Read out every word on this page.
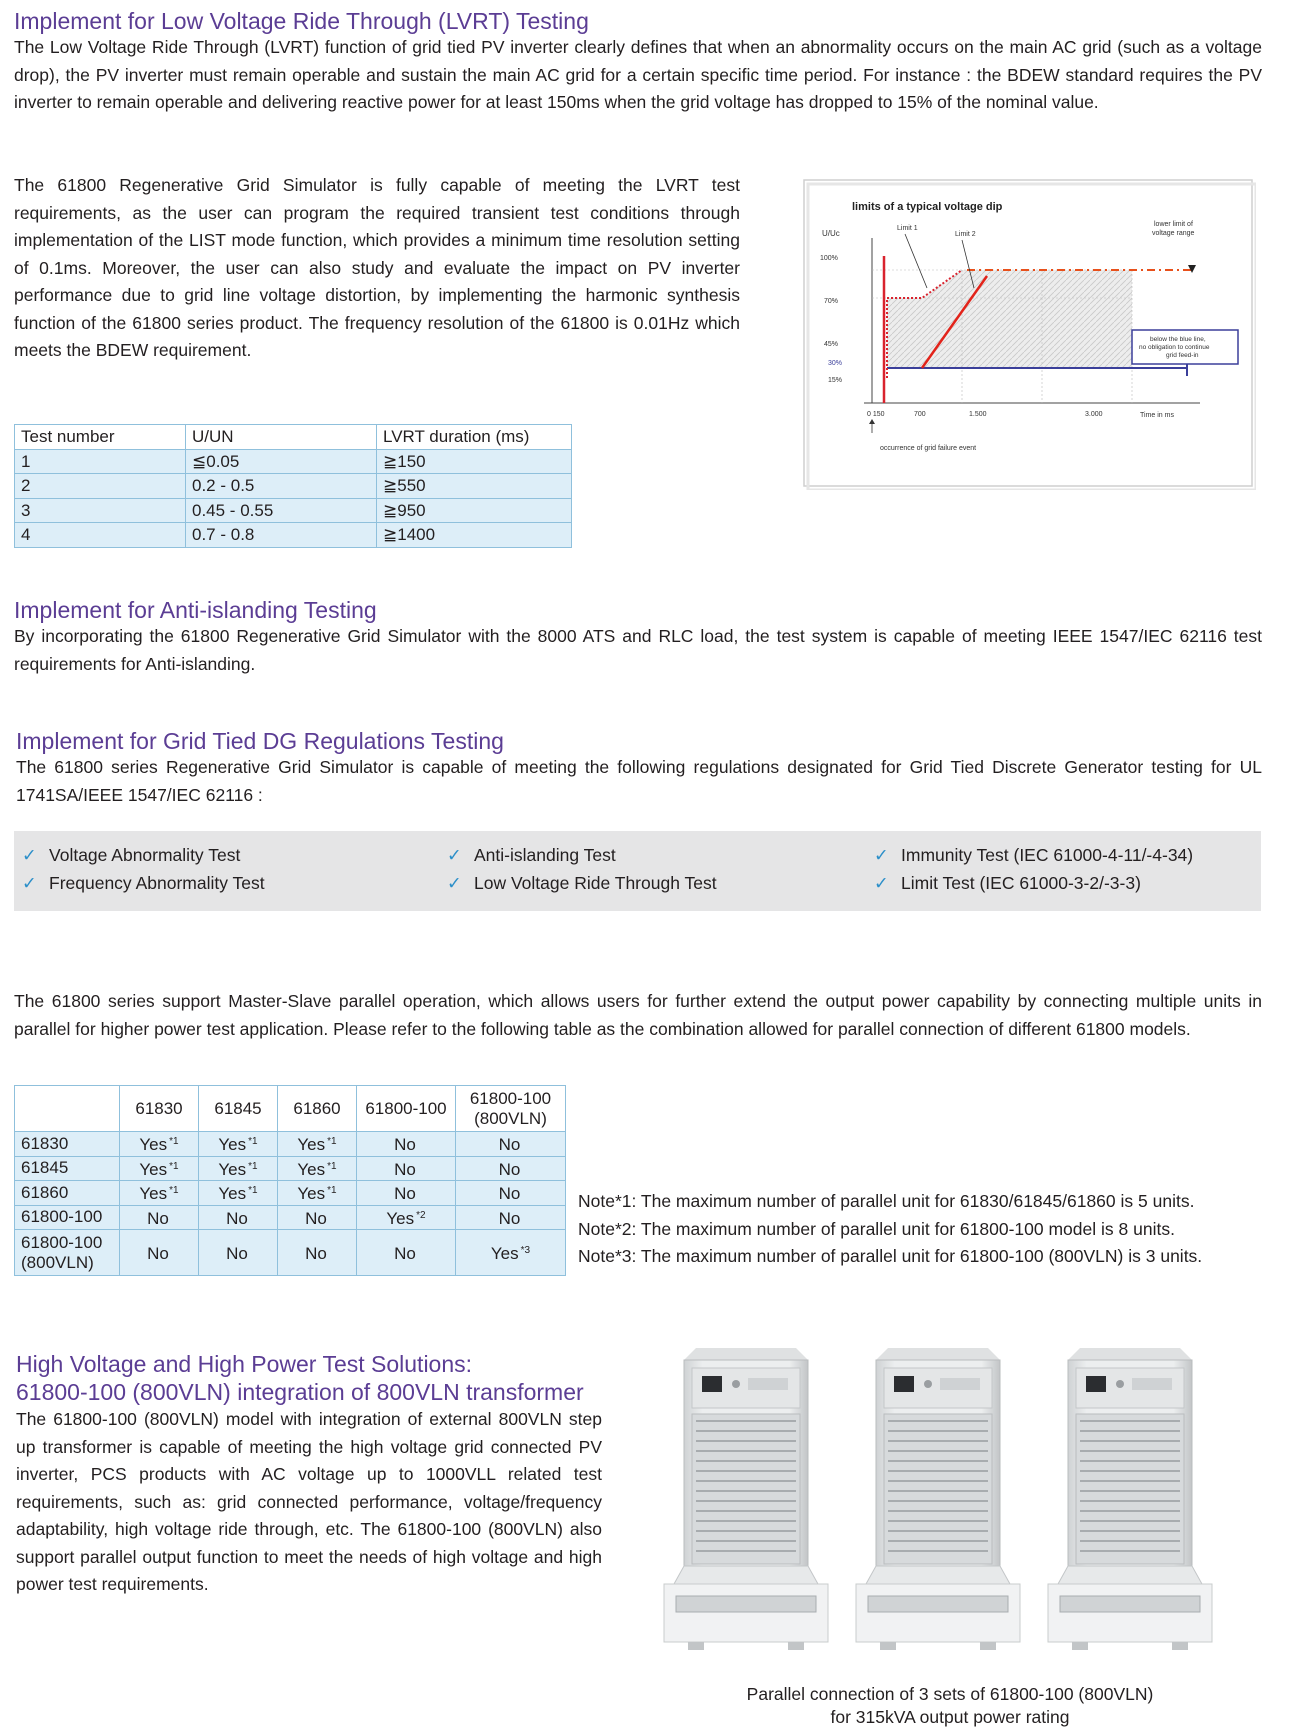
Implement for Low Voltage Ride Through (LVRT) Testing
The Low Voltage Ride Through (LVRT) function of grid tied PV inverter clearly defines that when an abnormality occurs on the main AC grid (such as a voltage drop), the PV inverter must remain operable and sustain the main AC grid for a certain specific time period. For instance : the BDEW standard requires the PV inverter to remain operable and delivering reactive power for at least 150ms when the grid voltage has dropped to 15% of the nominal value.
The 61800 Regenerative Grid Simulator is fully capable of meeting the LVRT test requirements, as the user can program the required transient test conditions through implementation of the LIST mode function, which provides a minimum time resolution setting of 0.1ms. Moreover, the user can also study and evaluate the impact on PV inverter performance due to grid line voltage distortion, by implementing the harmonic synthesis function of the 61800 series product. The frequency resolution of the 61800 is 0.01Hz which meets the BDEW requirement.
Test number	U/UN	LVRT duration (ms)
1	≦0.05	≧150
2	0.2 - 0.5	≧550
3	0.45 - 0.55	≧950
4	0.7 - 0.8	≧1400
limits of a typical voltage dip
U/Uc
100%
70%
45%
30%
15%
Limit 1
Limit 2
lower limit of voltage range
below the blue line, no obligation to continue grid feed-in
0 150	700	1.500	3.000	Time in ms
occurrence of grid failure event
Implement for Anti-islanding Testing
By incorporating the 61800 Regenerative Grid Simulator with the 8000 ATS and RLC load, the test system is capable of meeting IEEE 1547/IEC 62116 test requirements for Anti-islanding.
Implement for Grid Tied DG Regulations Testing
The 61800 series Regenerative Grid Simulator is capable of meeting the following regulations designated for Grid Tied Discrete Generator testing for UL 1741SA/IEEE 1547/IEC 62116 :
✓ Voltage Abnormality Test
✓ Frequency Abnormality Test
✓ Anti-islanding Test
✓ Low Voltage Ride Through Test
✓ Immunity Test (IEC 61000-4-11/-4-34)
✓ Limit Test (IEC 61000-3-2/-3-3)
The 61800 series support Master-Slave parallel operation, which allows users for further extend the output power capability by connecting multiple units in parallel for higher power test application. Please refer to the following table as the combination allowed for parallel connection of different 61800 models.
	61830	61845	61860	61800-100	61800-100 (800VLN)
61830	Yes $^{*1}$	Yes $^{*1}$	Yes $^{*1}$	No	No
61845	Yes $^{*1}$	Yes $^{*1}$	Yes $^{*1}$	No	No
61860	Yes $^{*1}$	Yes $^{*1}$	Yes $^{*1}$	No	No
61800-100	No	No	No	Yes $^{*2}$	No
61800-100 (800VLN)	No	No	No	No	Yes $^{*3}$
Note*1: The maximum number of parallel unit for 61830/61845/61860 is 5 units.
Note*2: The maximum number of parallel unit for 61800-100 model is 8 units.
Note*3: The maximum number of parallel unit for 61800-100 (800VLN) is 3 units.
High Voltage and High Power Test Solutions:
61800-100 (800VLN) integration of 800VLN transformer
The 61800-100 (800VLN) model with integration of external 800VLN step up transformer is capable of meeting the high voltage grid connected PV inverter, PCS products with AC voltage up to 1000VLL related test requirements, such as: grid connected performance, voltage/frequency adaptability, high voltage ride through, etc. The 61800-100 (800VLN) also support parallel output function to meet the needs of high voltage and high power test requirements.
Parallel connection of 3 sets of 61800-100 (800VLN)
for 315kVA output power rating
